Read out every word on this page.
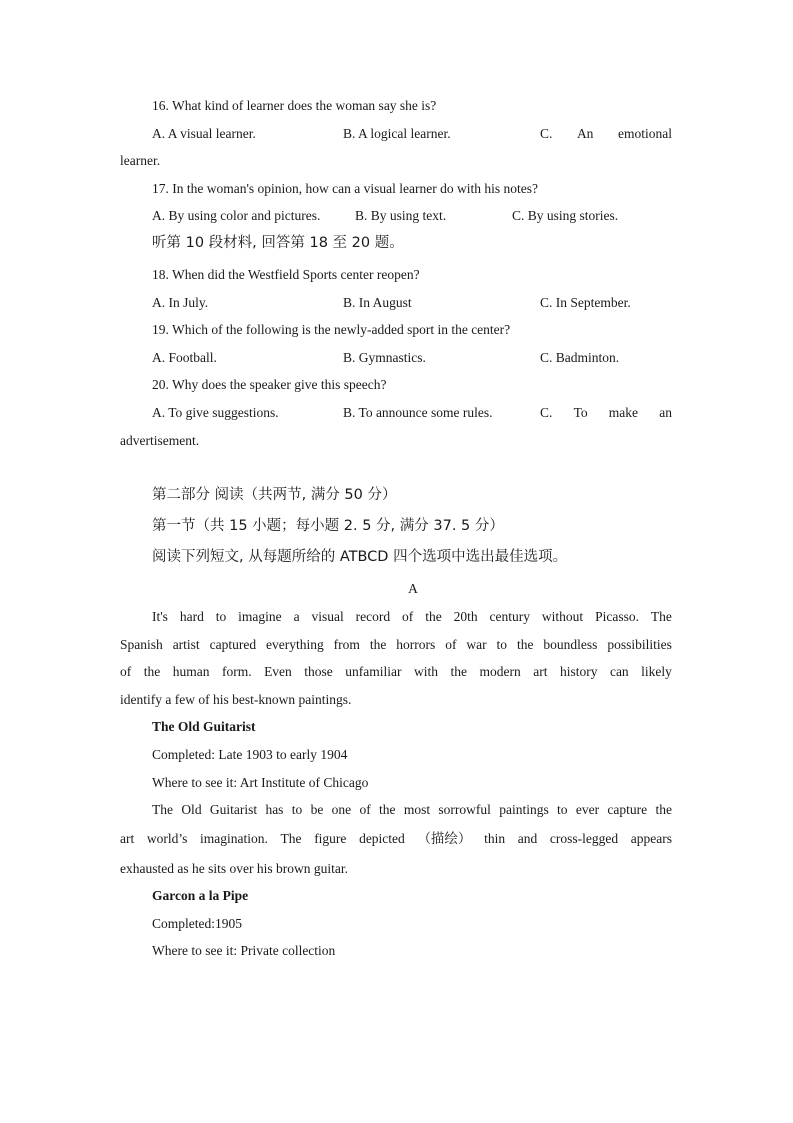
16. What kind of learner does the woman say she is?
A. A visual learner.	B. A logical learner.	C. An emotional
learner.
17. In the woman's opinion, how can a visual learner do with his notes?
A. By using color and pictures.	B. By using text.	C. By using stories.
听第 10 段材料, 回答第 18 至 20 题。
18. When did the Westfield Sports center reopen?
A. In July.	B. In August	C. In September.
19. Which of the following is the newly-added sport in the center?
A. Football.	B. Gymnastics.	C. Badminton.
20. Why does the speaker give this speech?
A. To give suggestions.	B. To announce some rules.	C. To make an
advertisement.
第二部分 阅读（共两节, 满分 50 分）
第一节（共 15 小题；每小题 2. 5 分, 满分 37. 5 分）
阅读下列短文, 从每题所给的 ATBCD 四个选项中选出最佳选项。
A
It's hard to imagine a visual record of the 20th century without Picasso. The
Spanish artist captured everything from the horrors of war to the boundless possibilities
of the human form. Even those unfamiliar with the modern art history can likely
identify a few of his best-known paintings.
The Old Guitarist
Completed: Late 1903 to early 1904
Where to see it: Art Institute of Chicago
The Old Guitarist has to be one of the most sorrowful paintings to ever capture the
art world’s imagination. The figure depicted （描绘） thin and cross-legged appears
exhausted as he sits over his brown guitar.
Garcon a la Pipe
Completed:1905
Where to see it: Private collection
